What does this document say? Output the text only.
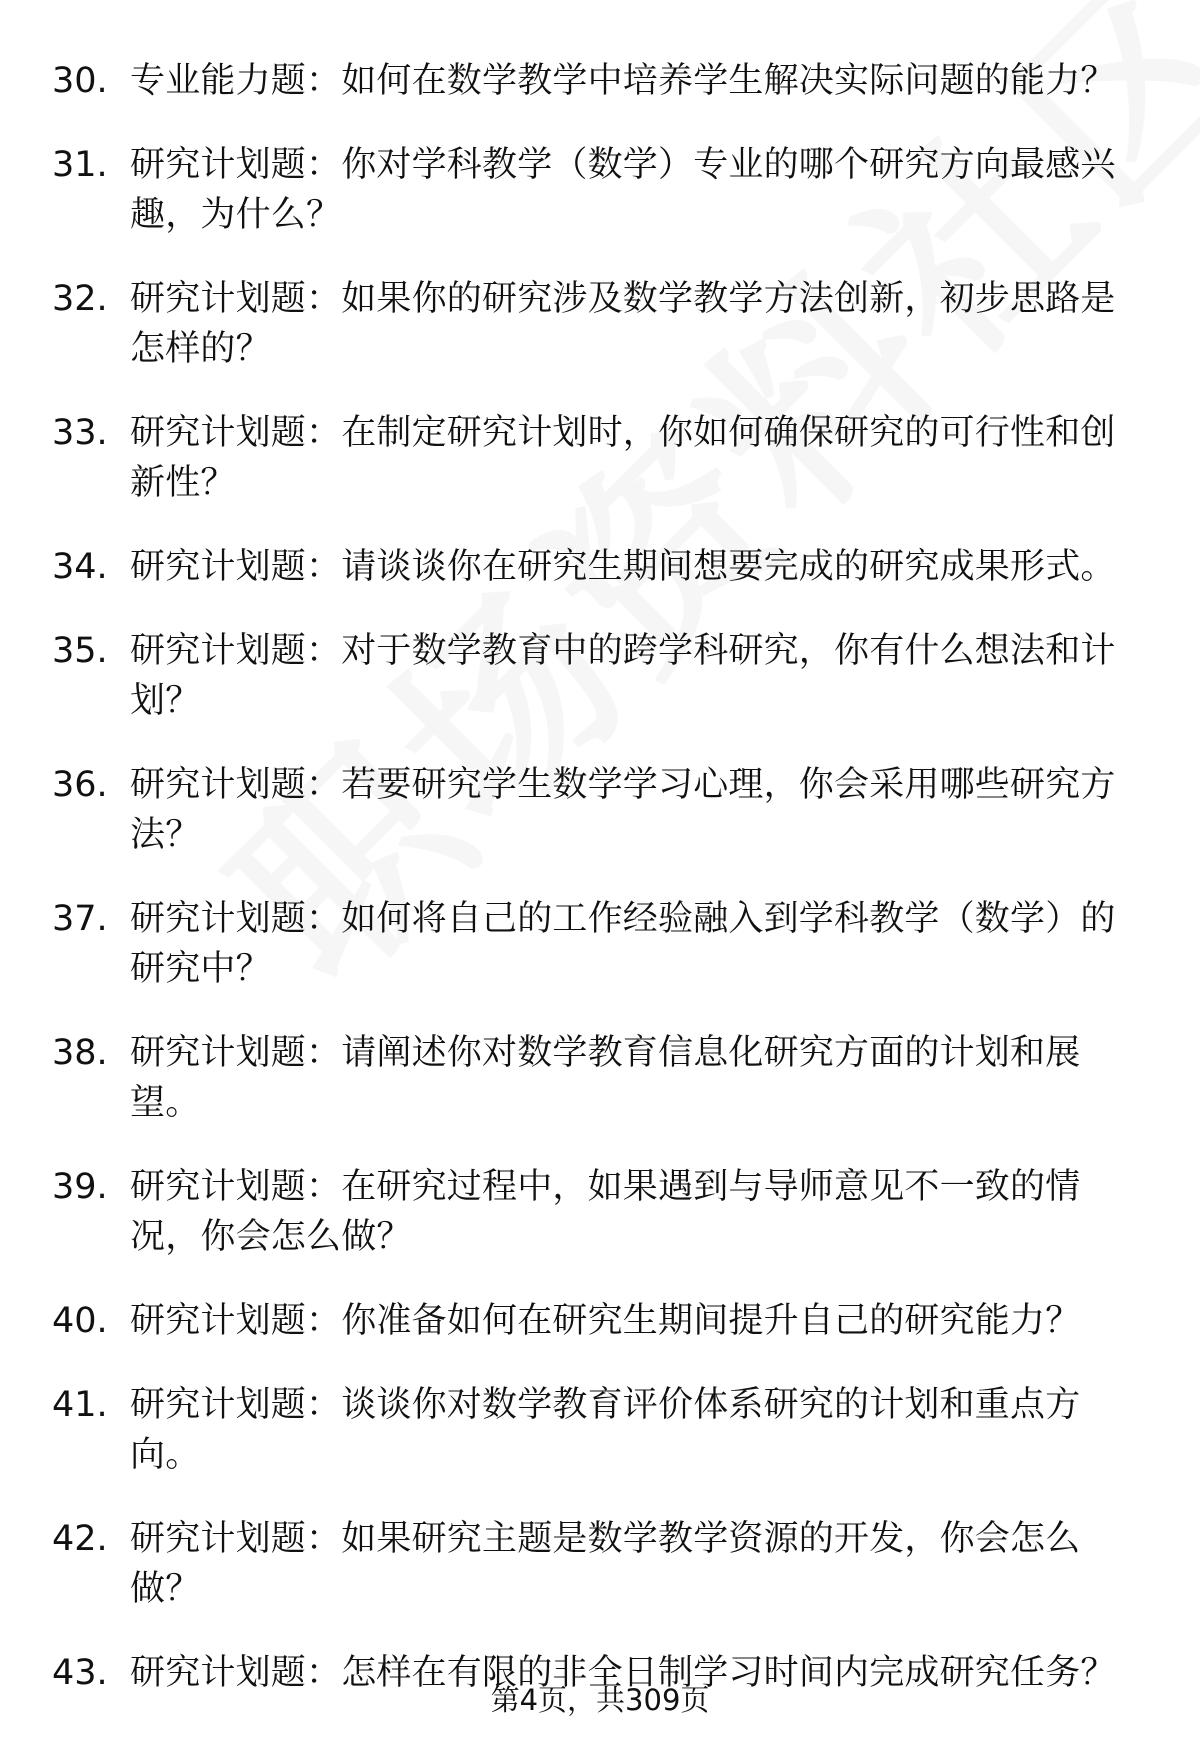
30. 专业能力题：如何在数学教学中培养学生解决实际问题的能力？
31. 研究计划题：你对学科教学（数学）专业的哪个研究方向最感兴趣，为什么？
32. 研究计划题：如果你的研究涉及数学教学方法创新，初步思路是怎样的？
33. 研究计划题：在制定研究计划时，你如何确保研究的可行性和创新性？
34. 研究计划题：请谈谈你在研究生期间想要完成的研究成果形式。
35. 研究计划题：对于数学教育中的跨学科研究，你有什么想法和计划？
36. 研究计划题：若要研究学生数学学习心理，你会采用哪些研究方法？
37. 研究计划题：如何将自己的工作经验融入到学科教学（数学）的研究中？
38. 研究计划题：请阐述你对数学教育信息化研究方面的计划和展望。
39. 研究计划题：在研究过程中，如果遇到与导师意见不一致的情况，你会怎么做？
40. 研究计划题：你准备如何在研究生期间提升自己的研究能力？
41. 研究计划题：谈谈你对数学教育评价体系研究的计划和重点方向。
42. 研究计划题：如果研究主题是数学教学资源的开发，你会怎么做？
43. 研究计划题：怎样在有限的非全日制学习时间内完成研究任务？
第4页，共309页
